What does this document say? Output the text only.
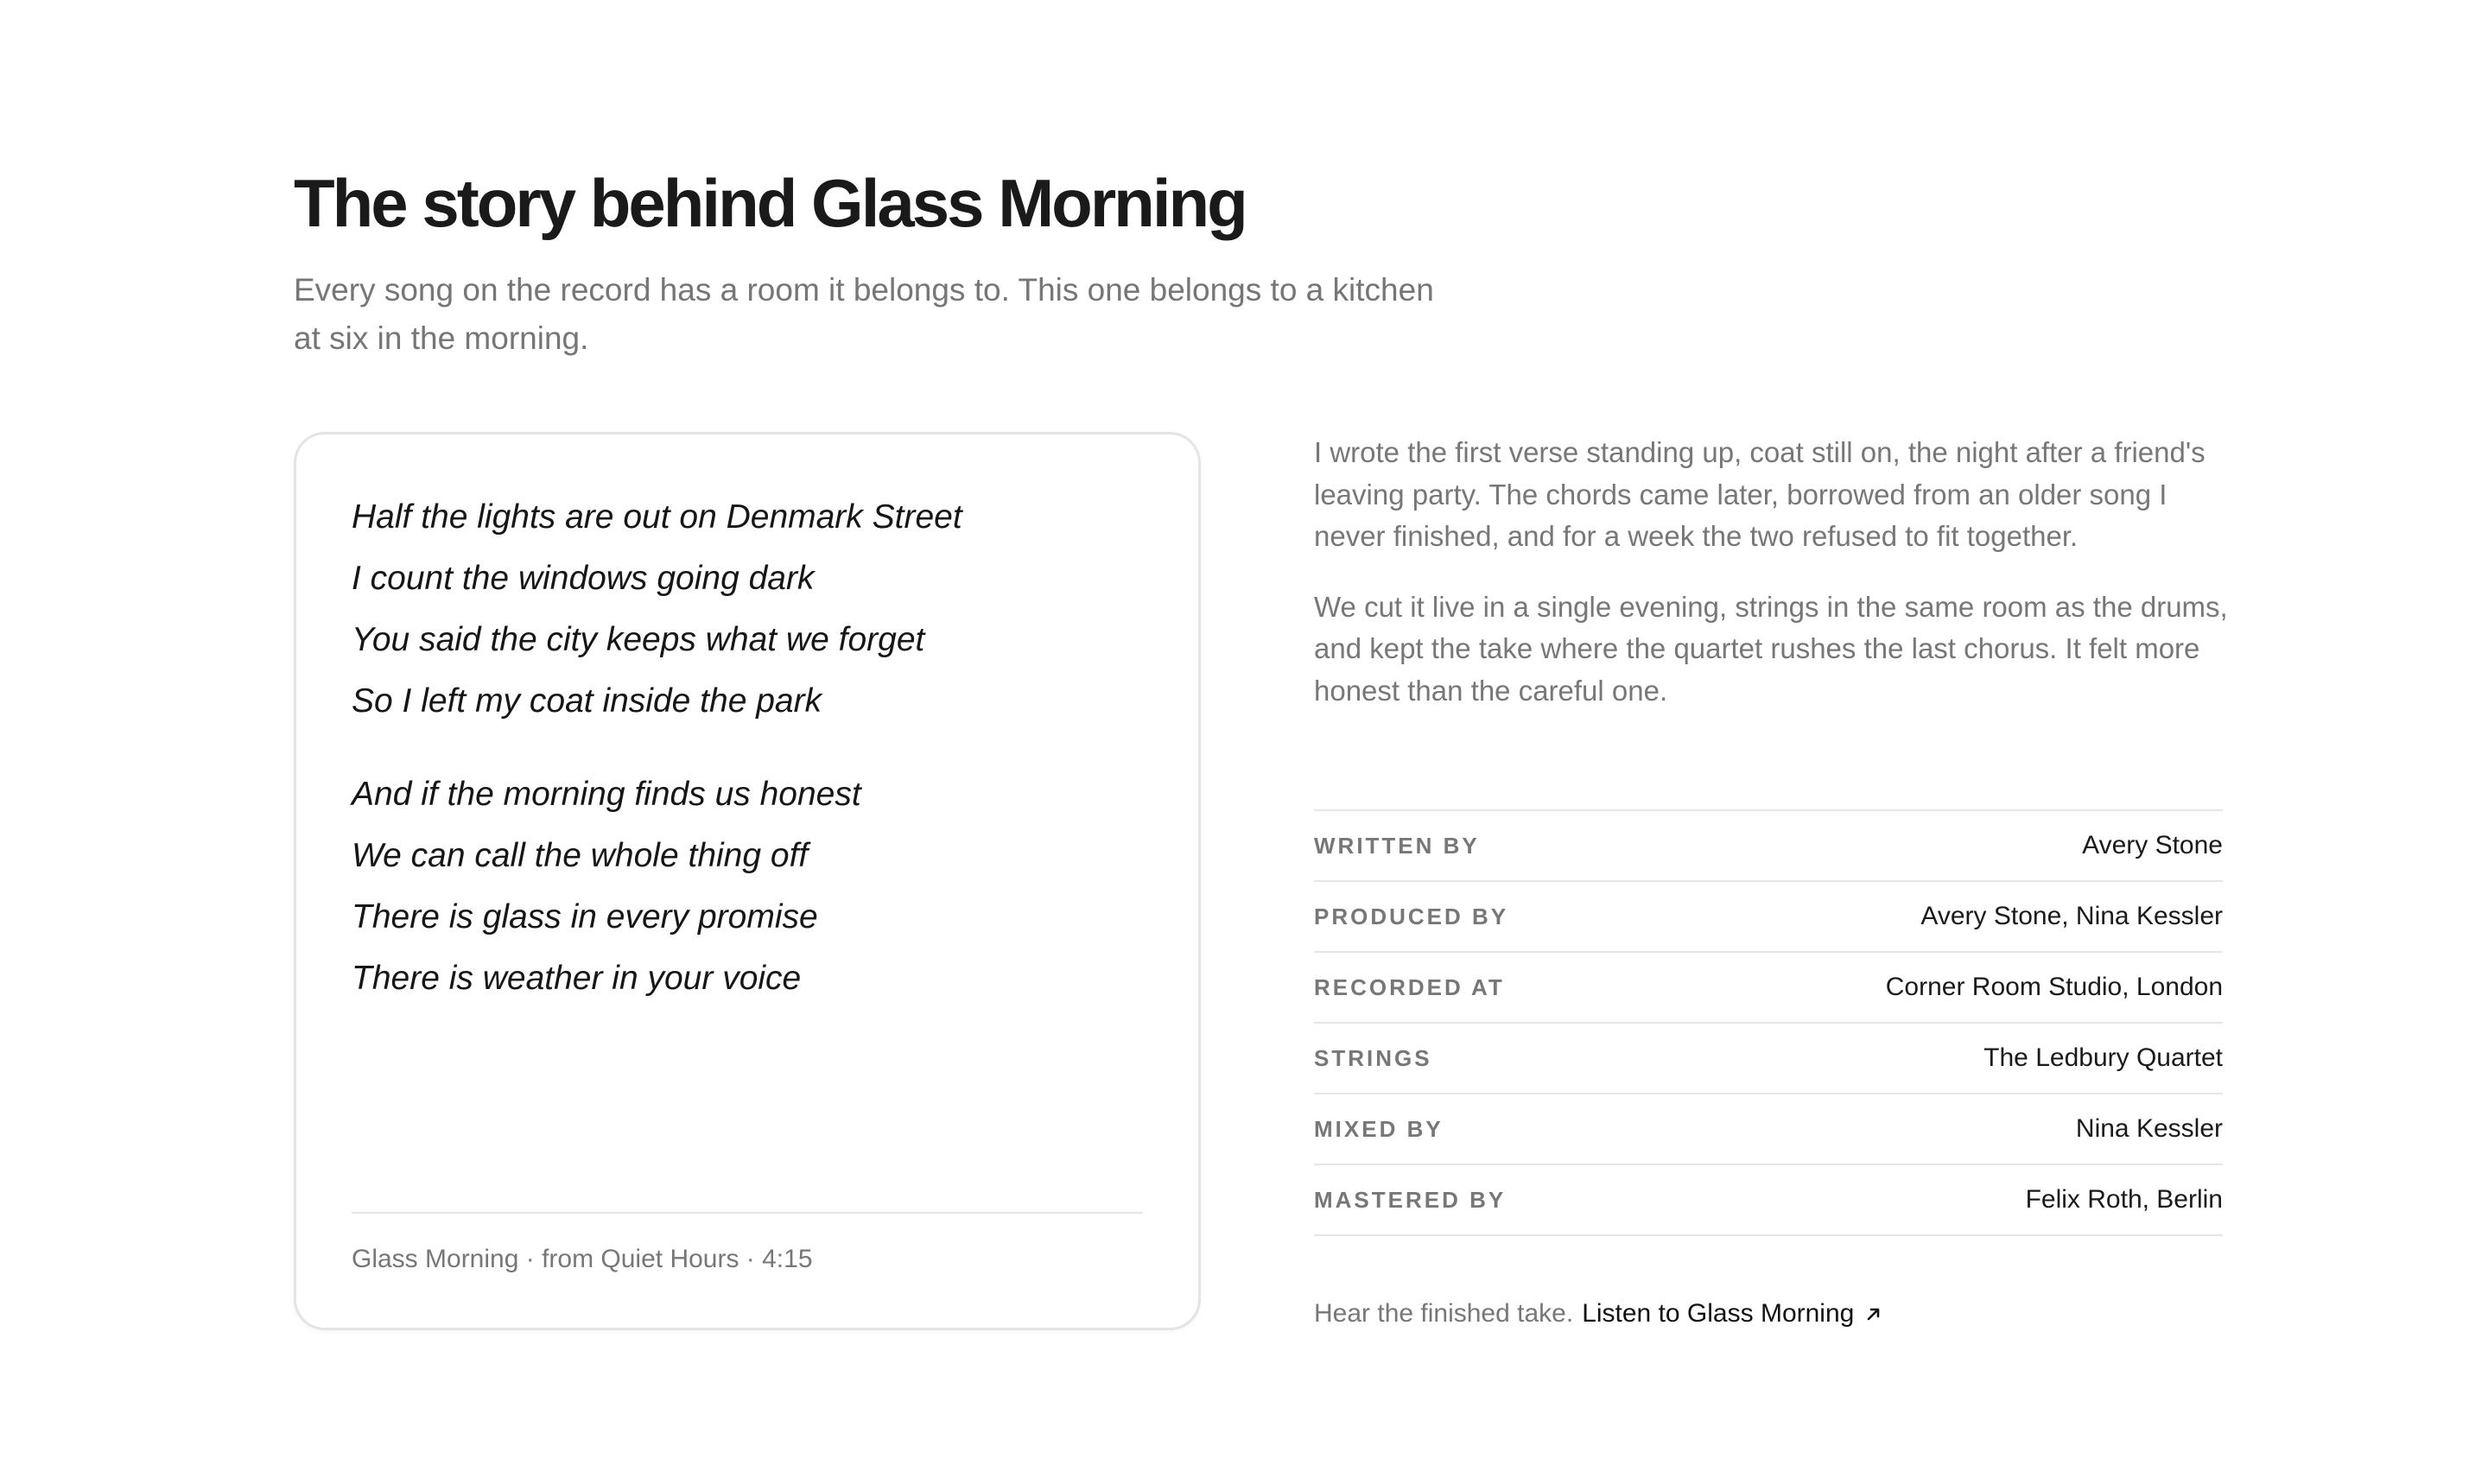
The story behind Glass Morning

Every song on the record has a room it belongs to. This one belongs to a kitchen at six in the morning.

Half the lights are out on Denmark Street
I count the windows going dark
You said the city keeps what we forget
So I left my coat inside the park
And if the morning finds us honest
We can call the whole thing off
There is glass in every promise
There is weather in your voice
Glass Morning · from Quiet Hours · 4:15

I wrote the first verse standing up, coat still on, the night after a friend's leaving party. The chords came later, borrowed from an older song I never finished, and for a week the two refused to fit together.

We cut it live in a single evening, strings in the same room as the drums, and kept the take where the quartet rushes the last chorus. It felt more honest than the careful one.

WRITTEN BY	Avery Stone
PRODUCED BY	Avery Stone, Nina Kessler
RECORDED AT	Corner Room Studio, London
STRINGS	The Ledbury Quartet
MIXED BY	Nina Kessler
MASTERED BY	Felix Roth, Berlin
Hear the finished take. Listen to Glass Morning
